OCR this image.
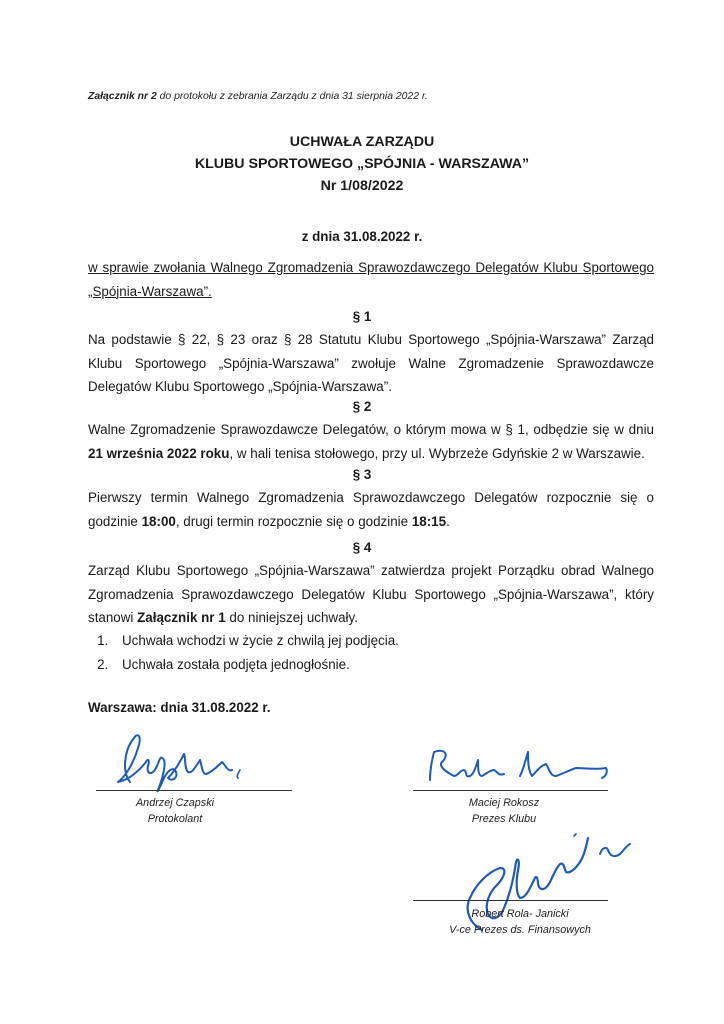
Załącznik nr 2 do protokołu z zebrania Zarządu z dnia 31 sierpnia 2022 r.
UCHWAŁA ZARZĄDU
KLUBU SPORTOWEGO „SPÓJNIA - WARSZAWA”
Nr 1/08/2022
z dnia 31.08.2022 r.
w sprawie zwołania Walnego Zgromadzenia Sprawozdawczego Delegatów Klubu Sportowego „Spójnia-Warszawa”.
§ 1
Na podstawie § 22, § 23 oraz § 28 Statutu Klubu Sportowego „Spójnia-Warszawa” Zarząd Klubu Sportowego „Spójnia-Warszawa” zwołuje Walne Zgromadzenie Sprawozdawcze Delegatów Klubu Sportowego „Spójnia-Warszawa”.
§ 2
Walne Zgromadzenie Sprawozdawcze Delegatów, o którym mowa w § 1, odbędzie się w dniu 21 września 2022 roku, w hali tenisa stołowego, przy ul. Wybrzeże Gdyńskie 2 w Warszawie.
§ 3
Pierwszy termin Walnego Zgromadzenia Sprawozdawczego Delegatów rozpocznie się o godzinie 18:00, drugi termin rozpocznie się o godzinie 18:15.
§ 4
Zarząd Klubu Sportowego „Spójnia-Warszawa” zatwierdza projekt Porządku obrad Walnego Zgromadzenia Sprawozdawczego Delegatów Klubu Sportowego „Spójnia-Warszawa”, który stanowi Załącznik nr 1 do niniejszej uchwały.
1. Uchwała wchodzi w życie z chwilą jej podjęcia.
2. Uchwała została podjęta jednogłośnie.
Warszawa: dnia 31.08.2022 r.
Andrzej Czapski
Protokolant
Maciej Rokosz
Prezes Klubu
Robert Rola- Janicki
V-ce Prezes ds. Finansowych
